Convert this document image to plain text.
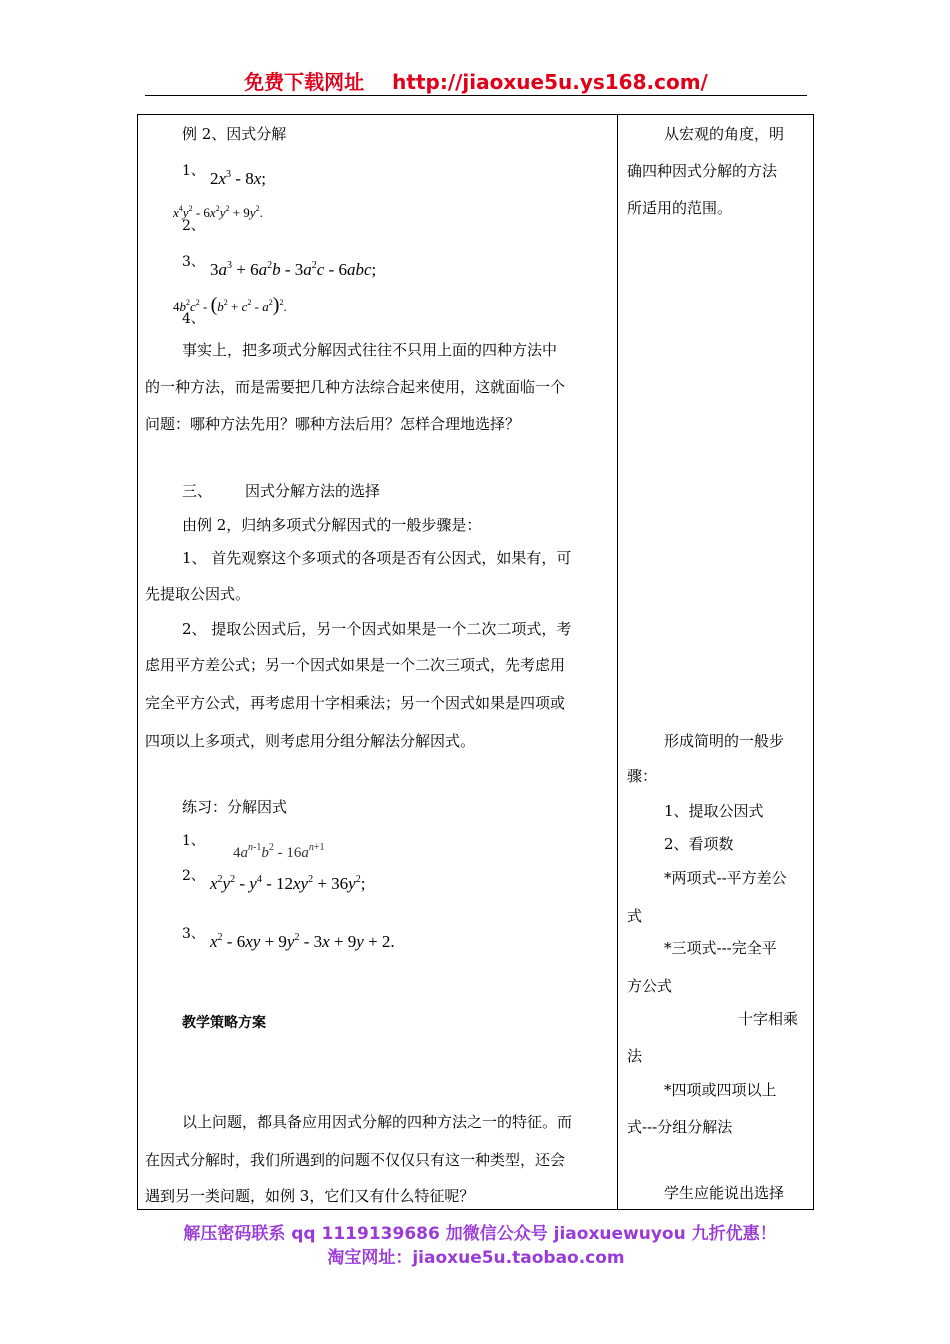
免费下载网址 http://jiaoxue5u.ys168.com/
例 2、因式分解
1、 $2x^3 - 8x$;
$x^4y^2 - 6x^2y^2 + 9y^2$.
2、
3、 $3a^3 + 6a^2b - 3a^2c - 6abc$;
$4b^2c^2 - (b^2 + c^2 - a^2)^2$.
4、
事实上，把多项式分解因式往往不只用上面的四种方法中
的一种方法，而是需要把几种方法综合起来使用，这就面临一个
问题：哪种方法先用？哪种方法后用？怎样合理地选择？
三、 因式分解方法的选择
由例 2，归纳多项式分解因式的一般步骤是：
1、 首先观察这个多项式的各项是否有公因式，如果有，可
先提取公因式。
2、 提取公因式后，另一个因式如果是一个二次二项式，考
虑用平方差公式；另一个因式如果是一个二次三项式，先考虑用
完全平方公式，再考虑用十字相乘法；另一个因式如果是四项或
四项以上多项式，则考虑用分组分解法分解因式。
练习：分解因式
1、
$4a^{n-1}b^2 - 16a^{n+1}$
2、 $x^2y^2 - y^4 - 12xy^2 + 36y^2$;
3、 $x^2 - 6xy + 9y^2 - 3x + 9y + 2$.
教学策略方案
以上问题，都具备应用因式分解的四种方法之一的特征。而
在因式分解时，我们所遇到的问题不仅仅只有这一种类型，还会
遇到另一类问题，如例 3，它们又有什么特征呢？
从宏观的角度，明
确四种因式分解的方法
所适用的范围。
形成简明的一般步
骤：
1、提取公因式
2、看项数
*两项式--平方差公
式
*三项式---完全平
方公式
十字相乘
法
*四项或四项以上
式---分组分解法
学生应能说出选择
解压密码联系 qq 1119139686 加微信公众号 jiaoxuewuyou 九折优惠！
淘宝网址：jiaoxue5u.taobao.com
